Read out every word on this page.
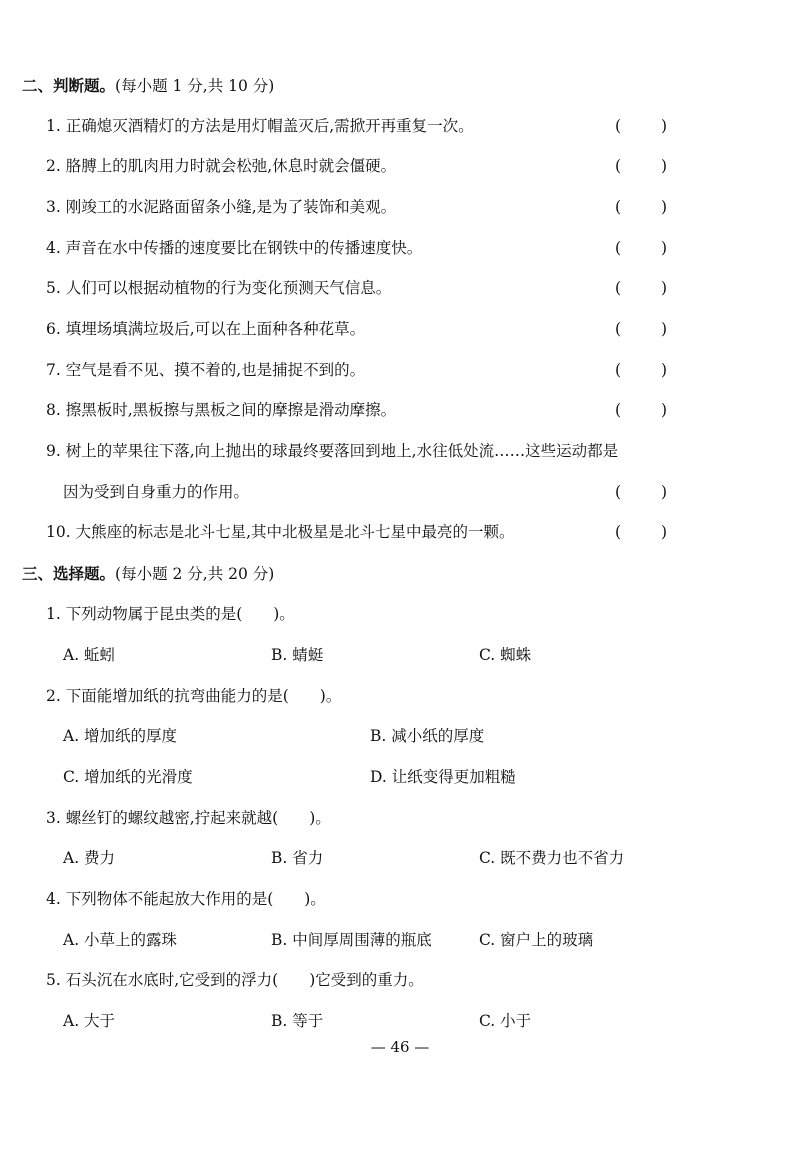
二、判断题。(每小题 1 分,共 10 分)
1. 正确熄灭酒精灯的方法是用灯帽盖灭后,需掀开再重复一次。	(	)
2. 胳膊上的肌肉用力时就会松弛,休息时就会僵硬。	(	)
3. 刚竣工的水泥路面留条小缝,是为了装饰和美观。	(	)
4. 声音在水中传播的速度要比在钢铁中的传播速度快。	(	)
5. 人们可以根据动植物的行为变化预测天气信息。	(	)
6. 填埋场填满垃圾后,可以在上面种各种花草。	(	)
7. 空气是看不见、摸不着的,也是捕捉不到的。	(	)
8. 擦黑板时,黑板擦与黑板之间的摩擦是滑动摩擦。	(	)
9. 树上的苹果往下落,向上抛出的球最终要落回到地上,水往低处流……这些运动都是
因为受到自身重力的作用。	(	)
10. 大熊座的标志是北斗七星,其中北极星是北斗七星中最亮的一颗。	(	)
三、选择题。(每小题 2 分,共 20 分)
1. 下列动物属于昆虫类的是(　　)。
A. 蚯蚓	B. 蜻蜓	C. 蜘蛛
2. 下面能增加纸的抗弯曲能力的是(　　)。
A. 增加纸的厚度	B. 减小纸的厚度
C. 增加纸的光滑度	D. 让纸变得更加粗糙
3. 螺丝钉的螺纹越密,拧起来就越(　　)。
A. 费力	B. 省力	C. 既不费力也不省力
4. 下列物体不能起放大作用的是(　　)。
A. 小草上的露珠	B. 中间厚周围薄的瓶底	C. 窗户上的玻璃
5. 石头沉在水底时,它受到的浮力(　　)它受到的重力。
A. 大于	B. 等于	C. 小于
— 46 —
